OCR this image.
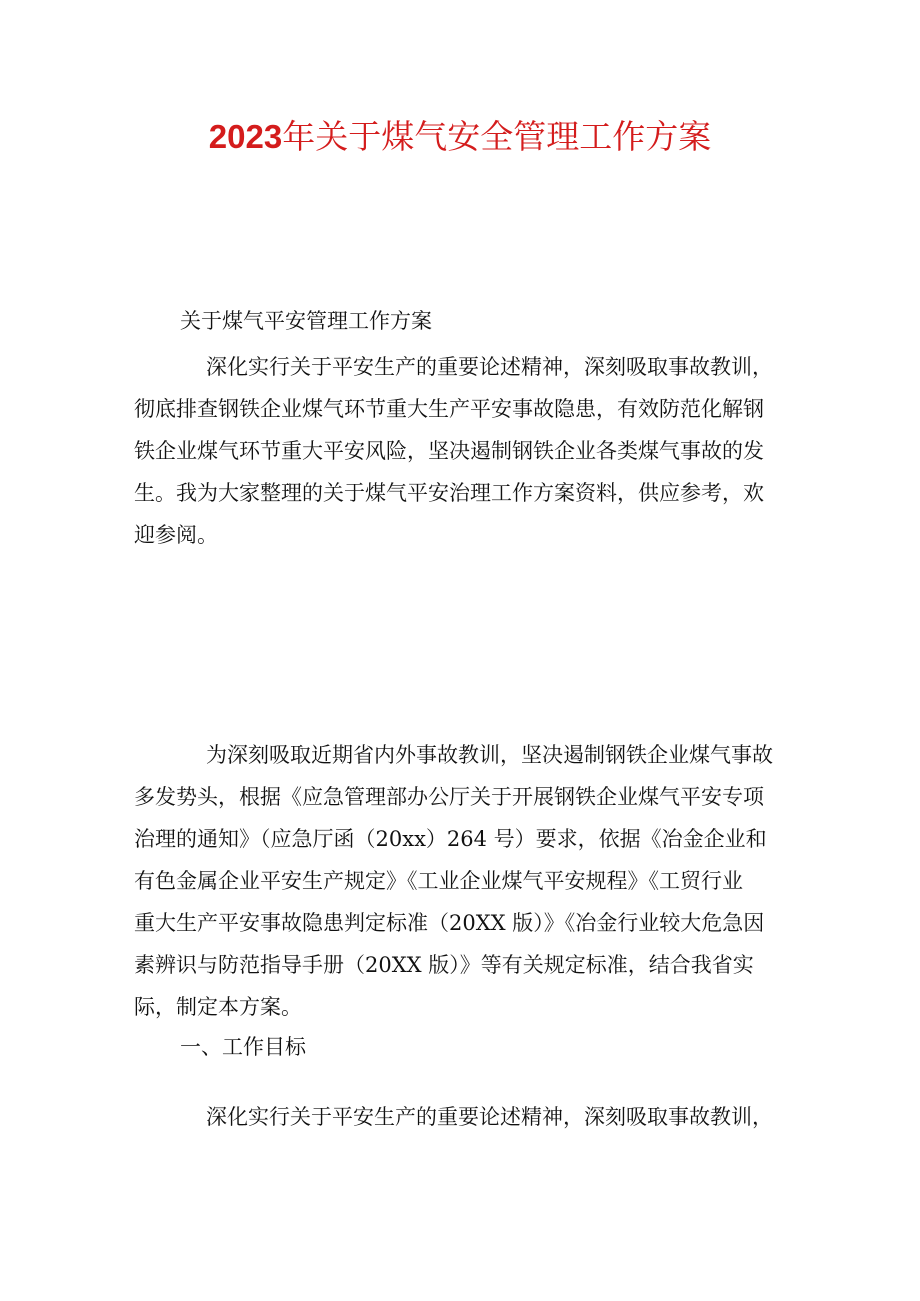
2023年关于煤气安全管理工作方案
关于煤气平安管理工作方案
深化实行关于平安生产的重要论述精神，深刻吸取事故教训，
彻底排查钢铁企业煤气环节重大生产平安事故隐患，有效防范化解钢
铁企业煤气环节重大平安风险，坚决遏制钢铁企业各类煤气事故的发
生。我为大家整理的关于煤气平安治理工作方案资料，供应参考，欢
迎参阅。
为深刻吸取近期省内外事故教训，坚决遏制钢铁企业煤气事故
多发势头，根据《应急管理部办公厅关于开展钢铁企业煤气平安专项
治理的通知》（应急厅函（20xx）264 号）要求，依据《冶金企业和
有色金属企业平安生产规定》《工业企业煤气平安规程》《工贸行业
重大生产平安事故隐患判定标准（20XX 版）》《冶金行业较大危急因
素辨识与防范指导手册（20XX 版）》等有关规定标准，结合我省实
际，制定本方案。
一、工作目标
深化实行关于平安生产的重要论述精神，深刻吸取事故教训，
